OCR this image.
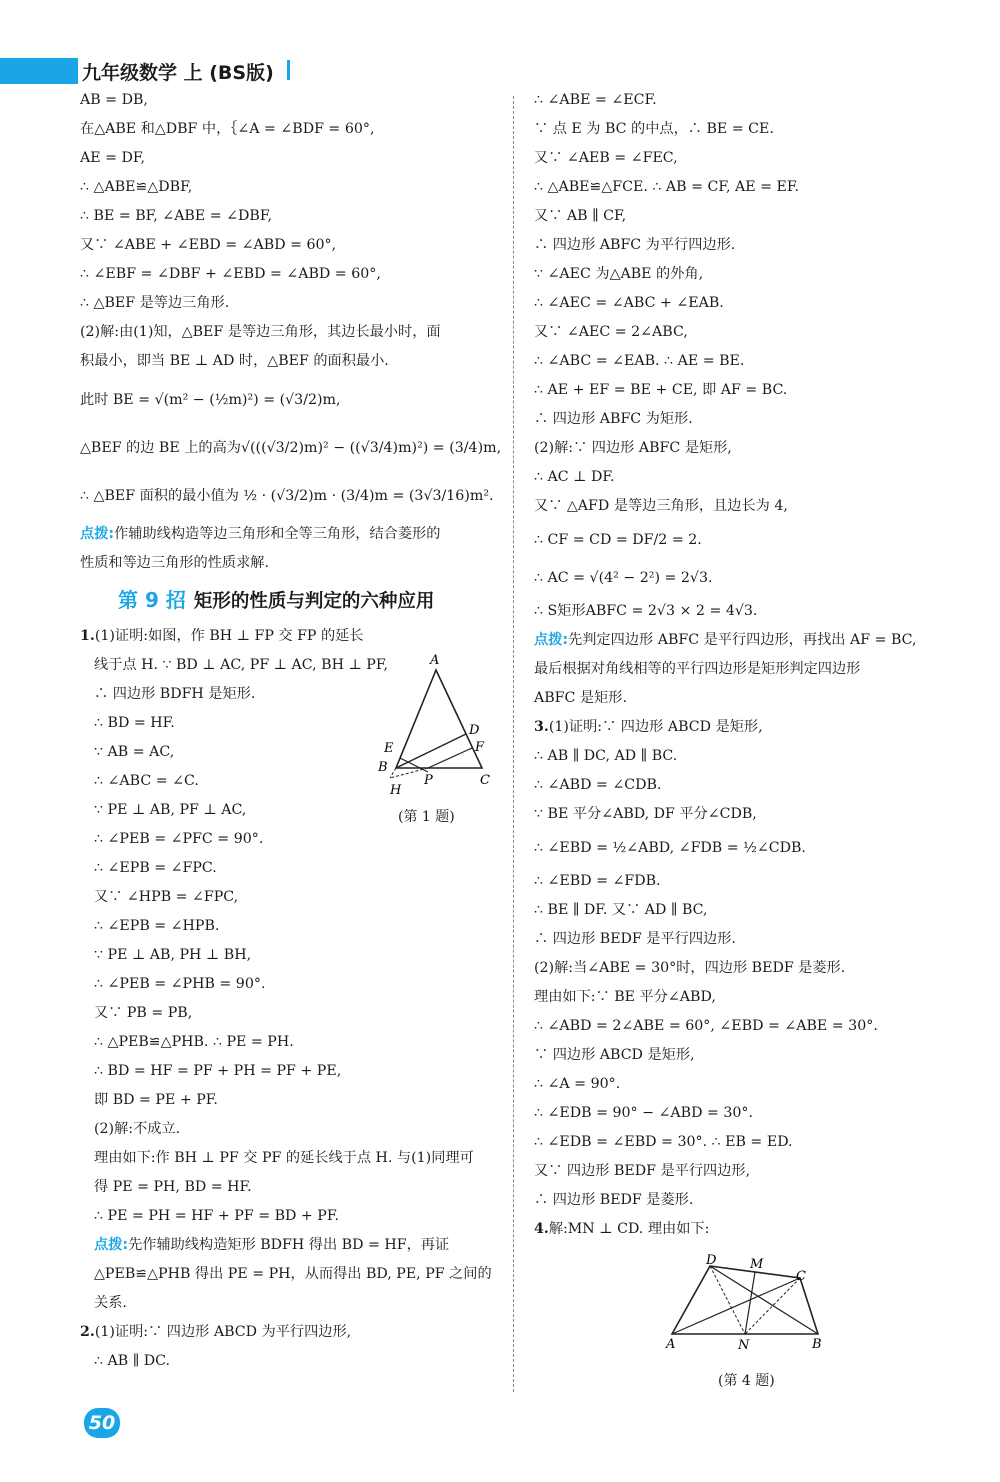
九年级数学 上 (BS版)
AB = DB,
在△ABE 和△DBF 中，｛∠A = ∠BDF = 60°,
AE = DF,
∴ △ABE≌△DBF,
∴ BE = BF, ∠ABE = ∠DBF,
又∵ ∠ABE + ∠EBD = ∠ABD = 60°,
∴ ∠EBF = ∠DBF + ∠EBD = ∠ABD = 60°,
∴ △BEF 是等边三角形.
(2)解:由(1)知，△BEF 是等边三角形，其边长最小时，面
积最小，即当 BE ⊥ AD 时，△BEF 的面积最小.
此时 BE = √(m² − (½m)²) = (√3/2)m,
△BEF 的边 BE 上的高为√(((√3/2)m)² − ((√3/4)m)²) = (3/4)m,
∴ △BEF 面积的最小值为 ½ · (√3/2)m · (3/4)m = (3√3/16)m².
点拨:作辅助线构造等边三角形和全等三角形，结合菱形的
性质和等边三角形的性质求解.
第 9 招 矩形的性质与判定的六种应用
1.(1)证明:如图，作 BH ⊥ FP 交 FP 的延长
线于点 H. ∵ BD ⊥ AC, PF ⊥ AC, BH ⊥ PF,
∴ 四边形 BDFH 是矩形.
∴ BD = HF.
∵ AB = AC,
∴ ∠ABC = ∠C.
∵ PE ⊥ AB, PF ⊥ AC,
∴ ∠PEB = ∠PFC = 90°.
∴ ∠EPB = ∠FPC.
又∵ ∠HPB = ∠FPC,
∴ ∠EPB = ∠HPB.
∵ PE ⊥ AB, PH ⊥ BH,
∴ ∠PEB = ∠PHB = 90°.
又∵ PB = PB,
∴ △PEB≌△PHB. ∴ PE = PH.
∴ BD = HF = PF + PH = PF + PE,
即 BD = PE + PF.
(2)解:不成立.
理由如下:作 BH ⊥ PF 交 PF 的延长线于点 H. 与(1)同理可
得 PE = PH, BD = HF.
∴ PE = PH = HF + PF = BD + PF.
点拨:先作辅助线构造矩形 BDFH 得出 BD = HF，再证
△PEB≌△PHB 得出 PE = PH，从而得出 BD, PE, PF 之间的
关系.
2.(1)证明:∵ 四边形 ABCD 为平行四边形,
∴ AB ∥ DC.
∴ ∠ABE = ∠ECF.
∵ 点 E 为 BC 的中点，∴ BE = CE.
又∵ ∠AEB = ∠FEC,
∴ △ABE≌△FCE. ∴ AB = CF, AE = EF.
又∵ AB ∥ CF,
∴ 四边形 ABFC 为平行四边形.
∵ ∠AEC 为△ABE 的外角,
∴ ∠AEC = ∠ABC + ∠EAB.
又∵ ∠AEC = 2∠ABC,
∴ ∠ABC = ∠EAB. ∴ AE = BE.
∴ AE + EF = BE + CE, 即 AF = BC.
∴ 四边形 ABFC 为矩形.
(2)解:∵ 四边形 ABFC 是矩形,
∴ AC ⊥ DF.
又∵ △AFD 是等边三角形，且边长为 4,
∴ CF = CD = DF/2 = 2.
∴ AC = √(4² − 2²) = 2√3.
∴ S矩形ABFC = 2√3 × 2 = 4√3.
点拨:先判定四边形 ABFC 是平行四边形，再找出 AF = BC,
最后根据对角线相等的平行四边形是矩形判定四边形
ABFC 是矩形.
3.(1)证明:∵ 四边形 ABCD 是矩形,
∴ AB ∥ DC, AD ∥ BC.
∴ ∠ABD = ∠CDB.
∵ BE 平分∠ABD, DF 平分∠CDB,
∴ ∠EBD = ½∠ABD, ∠FDB = ½∠CDB.
∴ ∠EBD = ∠FDB.
∴ BE ∥ DF. 又∵ AD ∥ BC,
∴ 四边形 BEDF 是平行四边形.
(2)解:当∠ABE = 30°时，四边形 BEDF 是菱形.
理由如下:∵ BE 平分∠ABD,
∴ ∠ABD = 2∠ABE = 60°, ∠EBD = ∠ABE = 30°.
∵ 四边形 ABCD 是矩形,
∴ ∠A = 90°.
∴ ∠EDB = 90° − ∠ABD = 30°.
∴ ∠EDB = ∠EBD = 30°. ∴ EB = ED.
又∵ 四边形 BEDF 是平行四边形,
∴ 四边形 BEDF 是菱形.
4.解:MN ⊥ CD. 理由如下:
A
D
E	F
B
P	C
H
(第 1 题)
D	M
C
A	N	B
(第 4 题)
50
